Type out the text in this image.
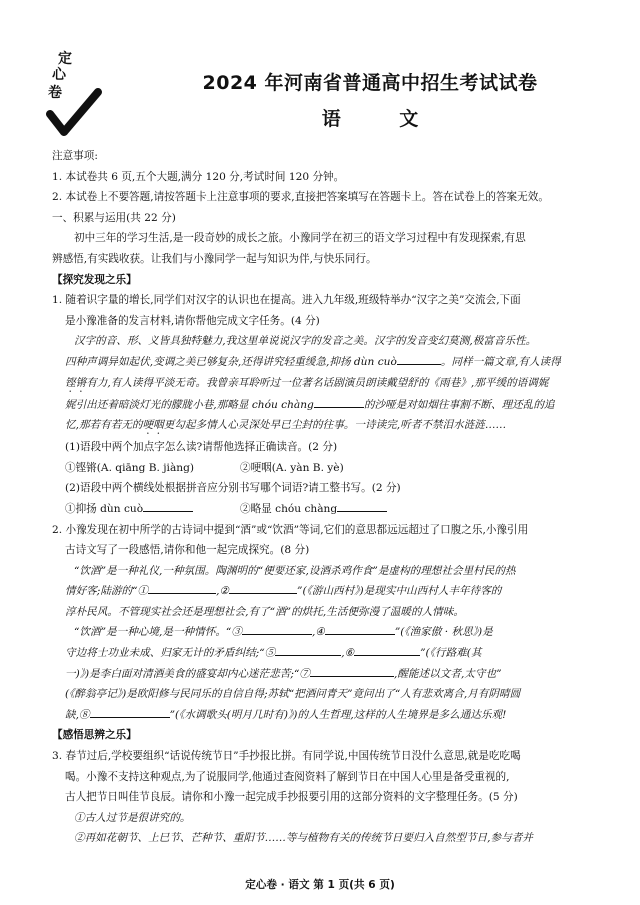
定
心
卷	2024 年河南省普通高中招生考试试卷
语 文
注意事项:
1. 本试卷共 6 页,五个大题,满分 120 分,考试时间 120 分钟。
2. 本试卷上不要答题,请按答题卡上注意事项的要求,直接把答案填写在答题卡上。答在试卷上的答案无效。
一、积累与运用(共 22 分)
初中三年的学习生活,是一段奇妙的成长之旅。小豫同学在初三的语文学习过程中有发现探索,有思
辨感悟,有实践收获。让我们与小豫同学一起与知识为伴,与快乐同行。
【探究发现之乐】
1. 随着识字量的增长,同学们对汉字的认识也在提高。进入九年级,班级特举办“汉字之美”交流会,下面
是小豫准备的发言材料,请你帮他完成文字任务。(4 分)
汉字的音、形、义皆具独特魅力,我这里单说说汉字的发音之美。汉字的发音变幻莫测,极富音乐性。
四种声调异如起伏,变调之美已够复杂,还得讲究轻重缓急,抑扬 dùn cuò	。同样一篇文章,有人读得
铿锵有力,有人读得平淡无奇。我曾亲耳聆听过一位著名话剧演员朗读戴望舒的《雨巷》,那平缓的语调娓
娓引出还着暗淡灯光的朦胧小巷,那略显 chóu chàng	的沙哑是对如烟往事割不断、理还乱的追
忆,那若有若无的哽咽更勾起多情人心灵深处早已尘封的往事。一诗读完,听者不禁泪水涟涟……
(1)语段中两个加点字怎么读?请帮他选择正确读音。(2 分)
①铿锵(A. qiāng B. jiàng)	②哽咽(A. yàn B. yè)
(2)语段中两个横线处根据拼音应分别书写哪个词语?请工整书写。(2 分)
①抑扬 dùn cuò	②略显 chóu chàng
2. 小豫发现在初中所学的古诗词中提到“酒”或“饮酒”等词,它们的意思都远远超过了口腹之乐,小豫引用
古诗文写了一段感悟,请你和他一起完成探究。(8 分)
“饮酒”是一种礼仪,一种氛围。陶渊明的“便要还家,设酒杀鸡作食”是虚构的理想社会里村民的热
情好客;陆游的“①	,②	”(《游山西村》)是现实中山西村人丰年待客的
淳朴民风。不管现实社会还是理想社会,有了“酒”的烘托,生活便弥漫了温暖的人情味。
“饮酒”是一种心境,是一种情怀。“③	,④	”(《渔家傲 · 秋思》)是
守边将士功业未成、归家无计的矛盾纠结;“⑤	,⑥	”(《行路难(其
一)》)是李白面对清酒美食的盛宴却内心迷茫悲苦;“⑦	,醒能述以文者,太守也”
(《醉翁亭记》)是欧阳修与民同乐的自信自得;苏轼“把酒问青天”竟问出了“人有悲欢离合,月有阴晴圆
缺,⑧	”(《水调歌头(明月几时有)》)的人生哲理,这样的人生境界是多么通达乐观!
【感悟思辨之乐】
3. 春节过后,学校要组织“话说传统节日”手抄报比拼。有同学说,中国传统节日没什么意思,就是吃吃喝
喝。小豫不支持这种观点,为了说服同学,他通过查阅资料了解到节日在中国人心里是备受重视的,
古人把节日叫佳节良辰。请你和小豫一起完成手抄报要引用的这部分资料的文字整理任务。(5 分)
①古人过节是很讲究的。
②再如花朝节、上巳节、芒种节、重阳节……等与植物有关的传统节日要归入自然型节日,参与者并
定心卷 · 语文 第 1 页(共 6 页)
